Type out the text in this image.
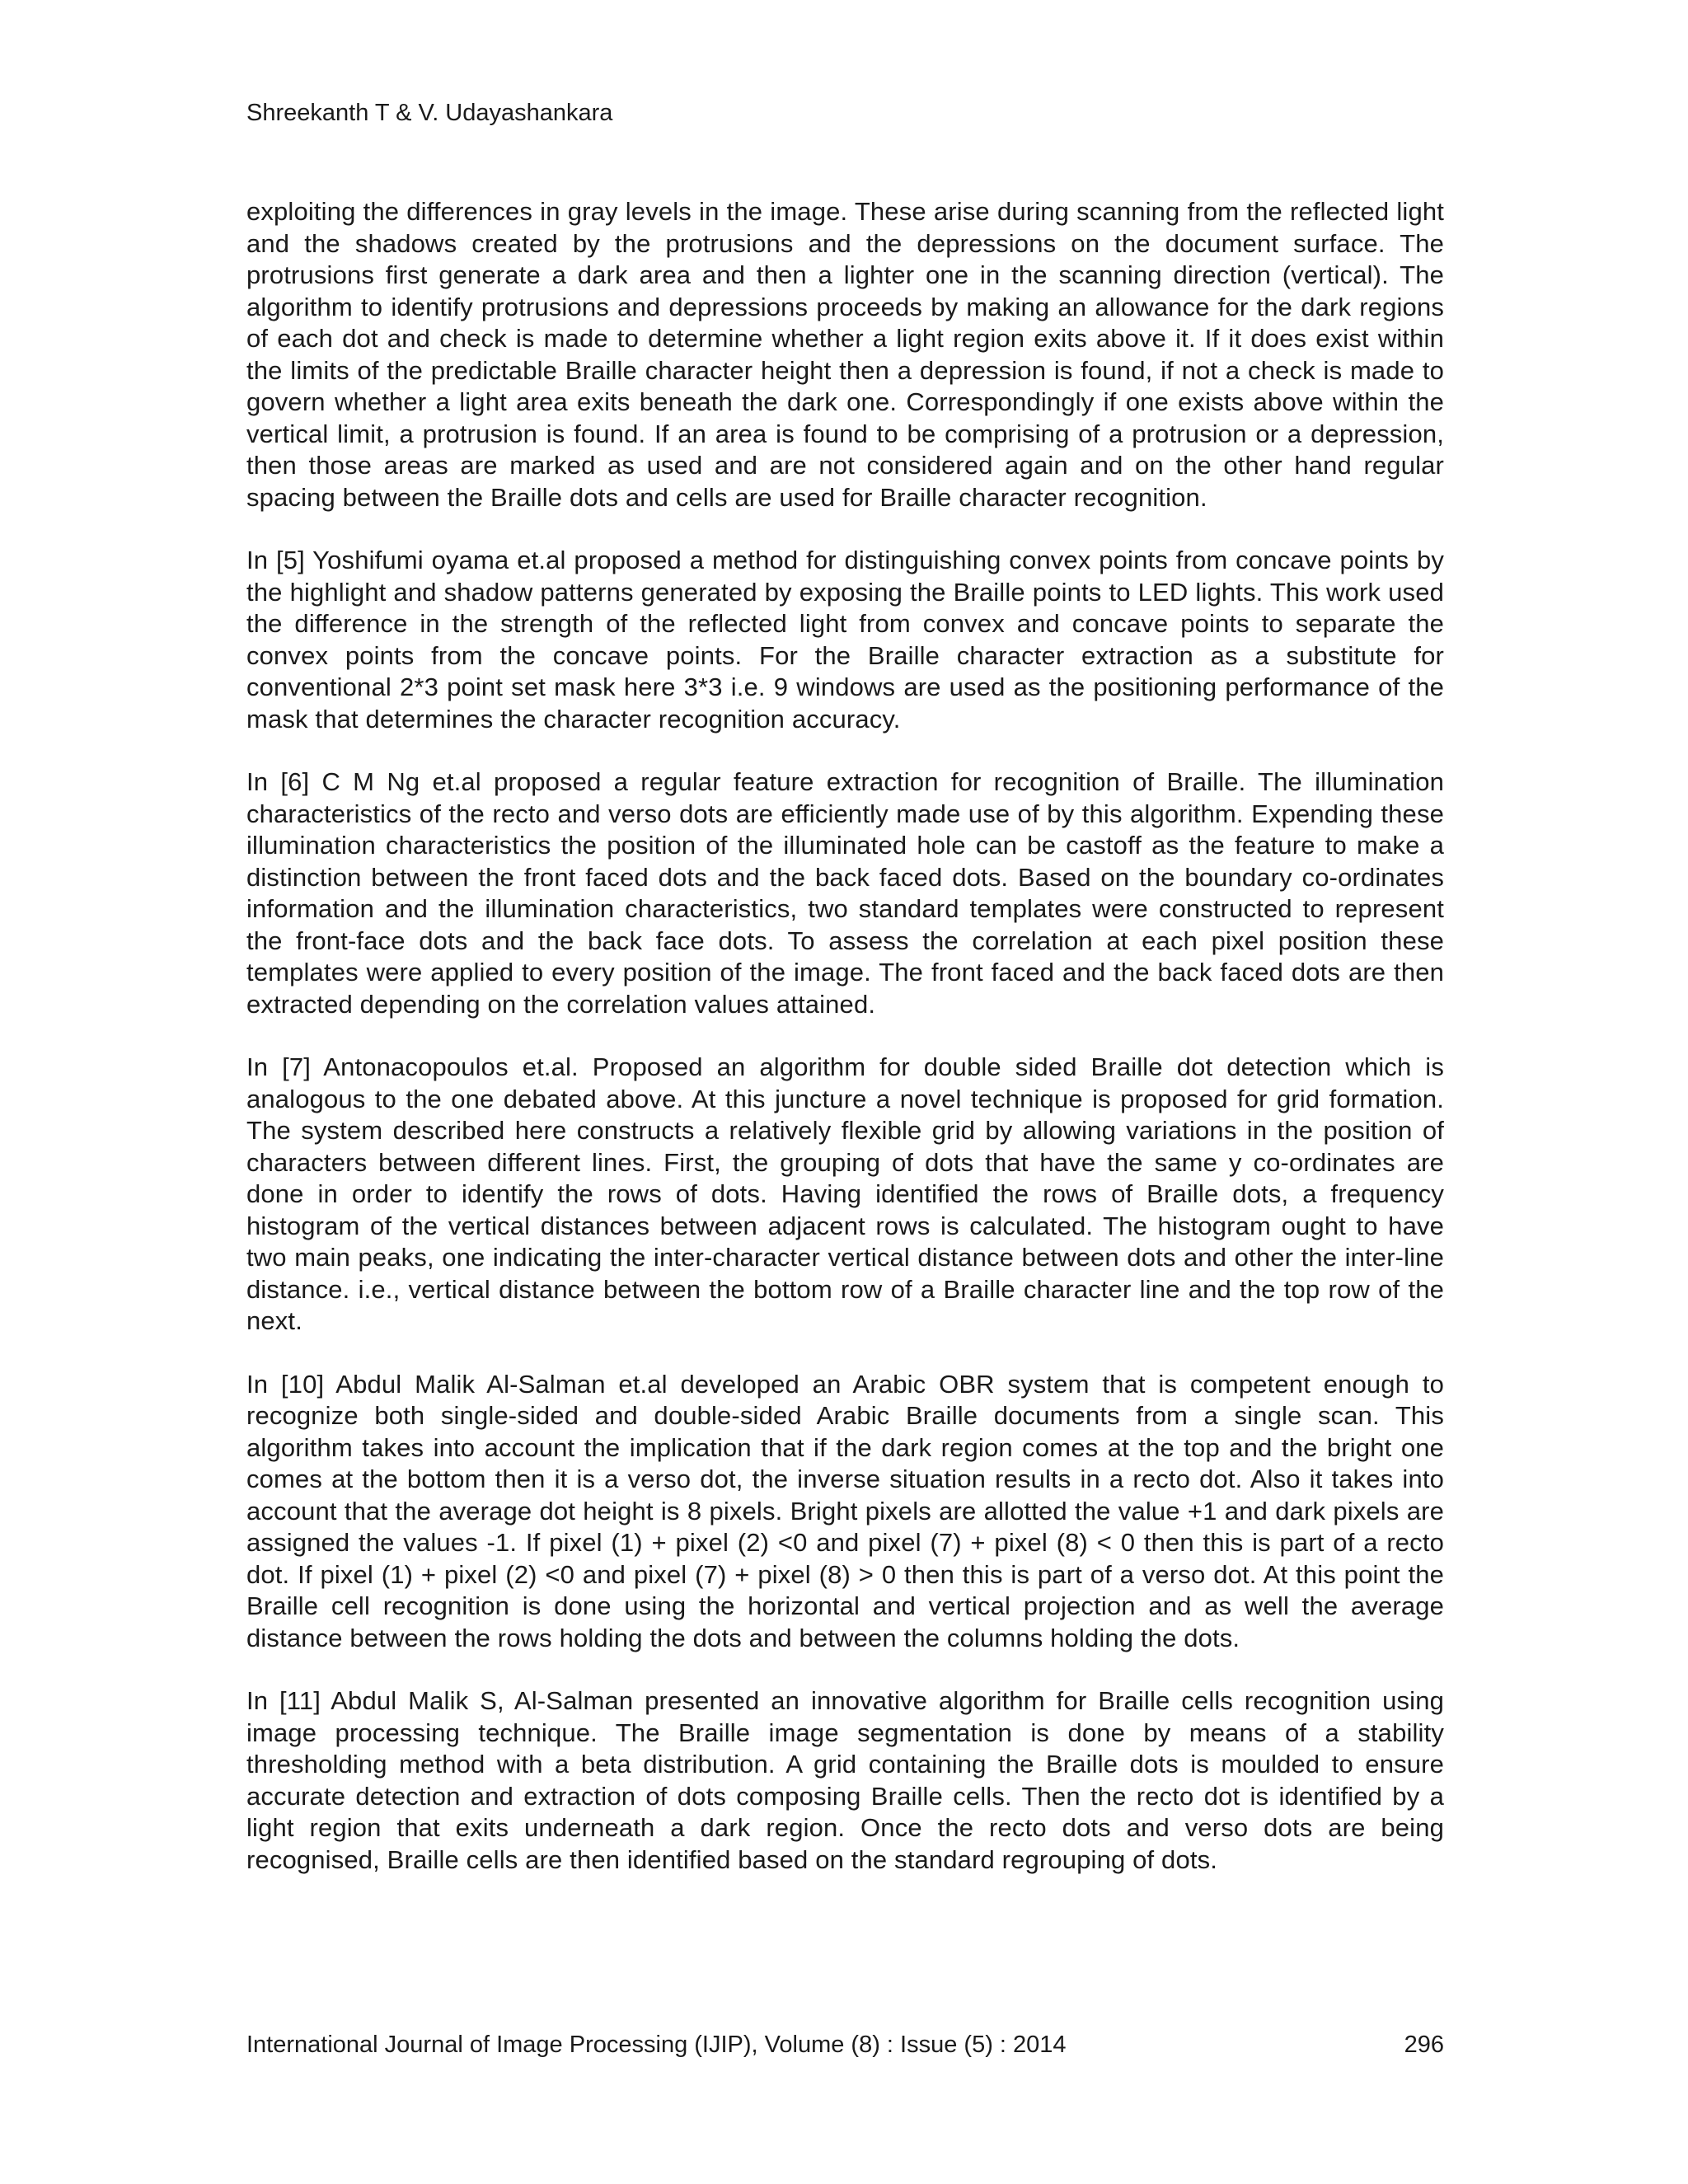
Shreekanth T & V. Udayashankara

exploiting the differences in gray levels in the image. These arise during scanning from the reflected light and the shadows created by the protrusions and the depressions on the document surface. The protrusions first generate a dark area and then a lighter one in the scanning direction (vertical). The algorithm to identify protrusions and depressions proceeds by making an allowance for the dark regions of each dot and check is made to determine whether a light region exits above it. If it does exist within the limits of the predictable Braille character height then a depression is found, if not a check is made to govern whether a light area exits beneath the dark one. Correspondingly if one exists above within the vertical limit, a protrusion is found. If an area is found to be comprising of a protrusion or a depression, then those areas are marked as used and are not considered again and on the other hand regular spacing between the Braille dots and cells are used for Braille character recognition.

In [5] Yoshifumi oyama et.al proposed a method for distinguishing convex points from concave points by the highlight and shadow patterns generated by exposing the Braille points to LED lights. This work used the difference in the strength of the reflected light from convex and concave points to separate the convex points from the concave points. For the Braille character extraction as a substitute for conventional 2*3 point set mask here 3*3 i.e. 9 windows are used as the positioning performance of the mask that determines the character recognition accuracy.

In [6] C M Ng et.al proposed a regular feature extraction for recognition of Braille. The illumination characteristics of the recto and verso dots are efficiently made use of by this algorithm. Expending these illumination characteristics the position of the illuminated hole can be castoff as the feature to make a distinction between the front faced dots and the back faced dots. Based on the boundary co-ordinates information and the illumination characteristics, two standard templates were constructed to represent the front-face dots and the back face dots. To assess the correlation at each pixel position these templates were applied to every position of the image. The front faced and the back faced dots are then extracted depending on the correlation values attained.

In [7] Antonacopoulos et.al. Proposed an algorithm for double sided Braille dot detection which is analogous to the one debated above. At this juncture a novel technique is proposed for grid formation. The system described here constructs a relatively flexible grid by allowing variations in the position of characters between different lines. First, the grouping of dots that have the same y co-ordinates are done in order to identify the rows of dots. Having identified the rows of Braille dots, a frequency histogram of the vertical distances between adjacent rows is calculated. The histogram ought to have two main peaks, one indicating the inter-character vertical distance between dots and other the inter-line distance. i.e., vertical distance between the bottom row of a Braille character line and the top row of the next.

In [10] Abdul Malik Al-Salman et.al developed an Arabic OBR system that is competent enough to recognize both single-sided and double-sided Arabic Braille documents from a single scan. This algorithm takes into account the implication that if the dark region comes at the top and the bright one comes at the bottom then it is a verso dot, the inverse situation results in a recto dot. Also it takes into account that the average dot height is 8 pixels. Bright pixels are allotted the value +1 and dark pixels are assigned the values -1. If pixel (1) + pixel (2) <0 and pixel (7) + pixel (8) < 0 then this is part of a recto dot. If pixel (1) + pixel (2) <0 and pixel (7) + pixel (8) > 0 then this is part of a verso dot. At this point the Braille cell recognition is done using the horizontal and vertical projection and as well the average distance between the rows holding the dots and between the columns holding the dots.

In [11] Abdul Malik S, Al-Salman presented an innovative algorithm for Braille cells recognition using image processing technique. The Braille image segmentation is done by means of a stability thresholding method with a beta distribution. A grid containing the Braille dots is moulded to ensure accurate detection and extraction of dots composing Braille cells. Then the recto dot is identified by a light region that exits underneath a dark region. Once the recto dots and verso dots are being recognised, Braille cells are then identified based on the standard regrouping of dots.

International Journal of Image Processing (IJIP), Volume (8) : Issue (5) : 2014	296
